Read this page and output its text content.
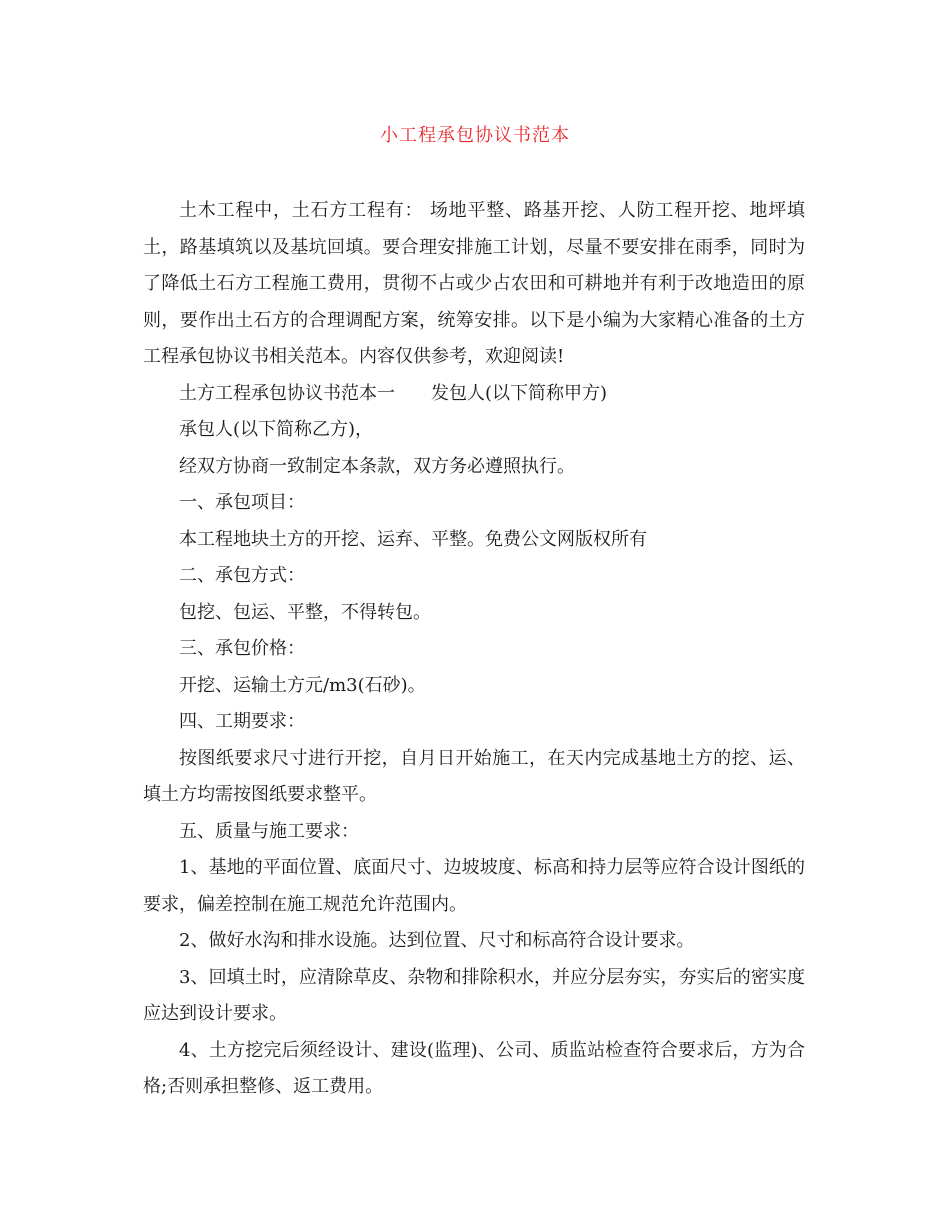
小工程承包协议书范本

土木工程中，土石方工程有： 场地平整、路基开挖、人防工程开挖、地坪填土，路基填筑以及基坑回填。要合理安排施工计划，尽量不要安排在雨季，同时为了降低土石方工程施工费用，贯彻不占或少占农田和可耕地并有利于改地造田的原则，要作出土石方的合理调配方案，统筹安排。以下是小编为大家精心准备的土方工程承包协议书相关范本。内容仅供参考，欢迎阅读!

土方工程承包协议书范本一 发包人(以下简称甲方)

承包人(以下简称乙方)，

经双方协商一致制定本条款，双方务必遵照执行。

一、承包项目：

本工程地块土方的开挖、运弃、平整。免费公文网版权所有

二、承包方式：

包挖、包运、平整，不得转包。

三、承包价格：

开挖、运输土方元/m3(石砂)。

四、工期要求：

按图纸要求尺寸进行开挖，自月日开始施工，在天内完成基地土方的挖、运、填土方均需按图纸要求整平。

五、质量与施工要求：

1、基地的平面位置、底面尺寸、边坡坡度、标高和持力层等应符合设计图纸的要求，偏差控制在施工规范允许范围内。

2、做好水沟和排水设施。达到位置、尺寸和标高符合设计要求。

3、回填土时，应清除草皮、杂物和排除积水，并应分层夯实，夯实后的密实度应达到设计要求。

4、土方挖完后须经设计、建设(监理)、公司、质监站检查符合要求后，方为合格;否则承担整修、返工费用。
